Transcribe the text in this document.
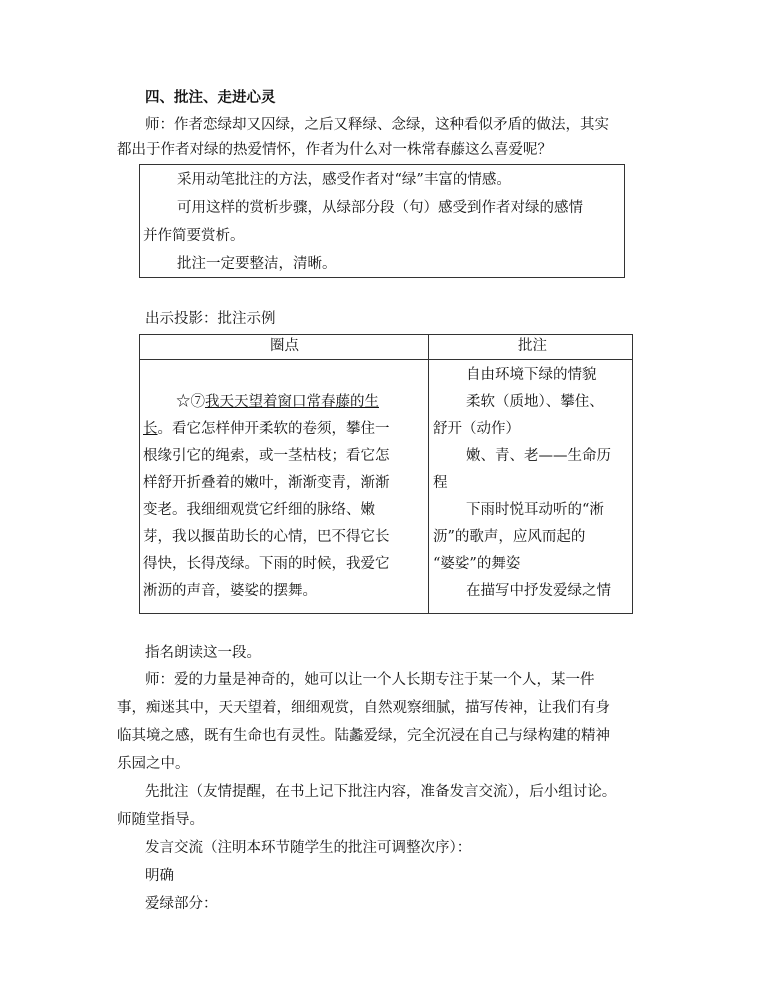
四、批注、走进心灵
师：作者恋绿却又囚绿，之后又释绿、念绿，这种看似矛盾的做法，其实
都出于作者对绿的热爱情怀，作者为什么对一株常春藤这么喜爱呢？
采用动笔批注的方法，感受作者对“绿”丰富的情感。
可用这样的赏析步骤，从绿部分段（句）感受到作者对绿的感情
并作简要赏析。
批注一定要整洁，清晰。
出示投影：批注示例
圈点	批注
☆⑦我天天望着窗口常春藤的生
长。看它怎样伸开柔软的卷须，攀住一
根缘引它的绳索，或一茎枯枝；看它怎
样舒开折叠着的嫩叶，渐渐变青，渐渐
变老。我细细观赏它纤细的脉络、嫩
芽，我以揠苗助长的心情，巴不得它长
得快，长得茂绿。下雨的时候，我爱它
淅沥的声音，婆娑的摆舞。
自由环境下绿的情貌
柔软（质地）、攀住、
舒开（动作）
嫩、青、老——生命历
程
下雨时悦耳动听的“淅
沥”的歌声，应风而起的
“婆娑”的舞姿
在描写中抒发爱绿之情
指名朗读这一段。
师：爱的力量是神奇的，她可以让一个人长期专注于某一个人，某一件
事，痴迷其中，天天望着，细细观赏，自然观察细腻，描写传神，让我们有身
临其境之感，既有生命也有灵性。陆蠡爱绿，完全沉浸在自己与绿构建的精神
乐园之中。
先批注（友情提醒，在书上记下批注内容，准备发言交流），后小组讨论。
师随堂指导。
发言交流（注明本环节随学生的批注可调整次序）：
明确
爱绿部分：
